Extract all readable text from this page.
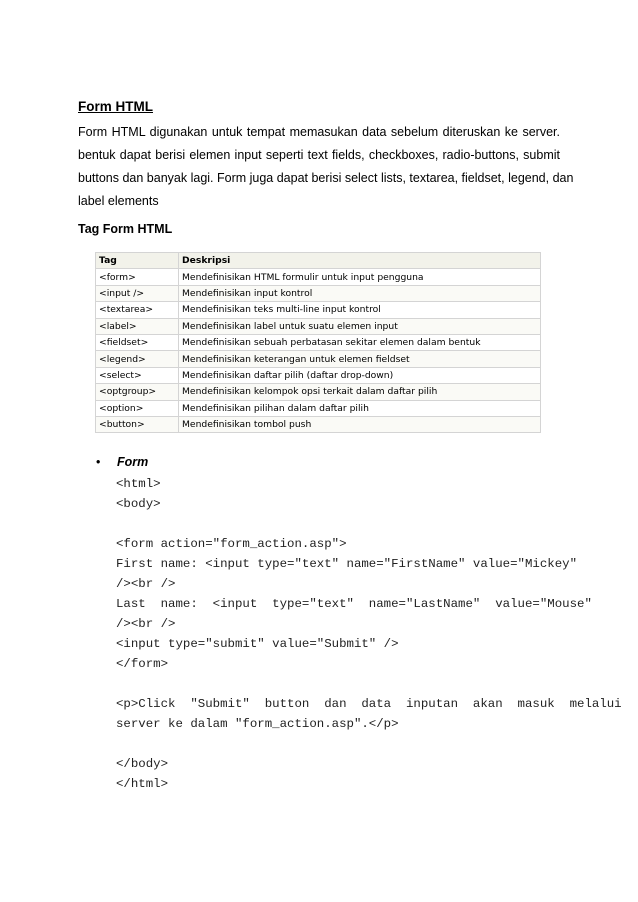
Form HTML
Form HTML digunakan untuk tempat memasukan data sebelum diteruskan ke server.
bentuk dapat berisi elemen input seperti text fields, checkboxes, radio-buttons, submit
buttons dan banyak lagi. Form juga dapat berisi select lists, textarea, fieldset, legend, dan
label elements
Tag Form HTML
Tag	Deskripsi
<form>	Mendefinisikan HTML formulir untuk input pengguna
<input />	Mendefinisikan input kontrol
<textarea>	Mendefinisikan teks multi-line input kontrol
<label>	Mendefinisikan label untuk suatu elemen input
<fieldset>	Mendefinisikan sebuah perbatasan sekitar elemen dalam bentuk
<legend>	Mendefinisikan keterangan untuk elemen fieldset
<select>	Mendefinisikan daftar pilih (daftar drop-down)
<optgroup>	Mendefinisikan kelompok opsi terkait dalam daftar pilih
<option>	Mendefinisikan pilihan dalam daftar pilih
<button>	Mendefinisikan tombol push
• Form
<html>
<body>
<form action="form_action.asp">
First name: <input type="text" name="FirstName" value="Mickey"
/><br />
Last  name:  <input  type="text"  name="LastName"  value="Mouse"
/><br />
<input type="submit" value="Submit" />
</form>
<p>Click  "Submit"  button  dan  data  inputan  akan  masuk  melalui
server ke dalam "form_action.asp".</p>
</body>
</html>
